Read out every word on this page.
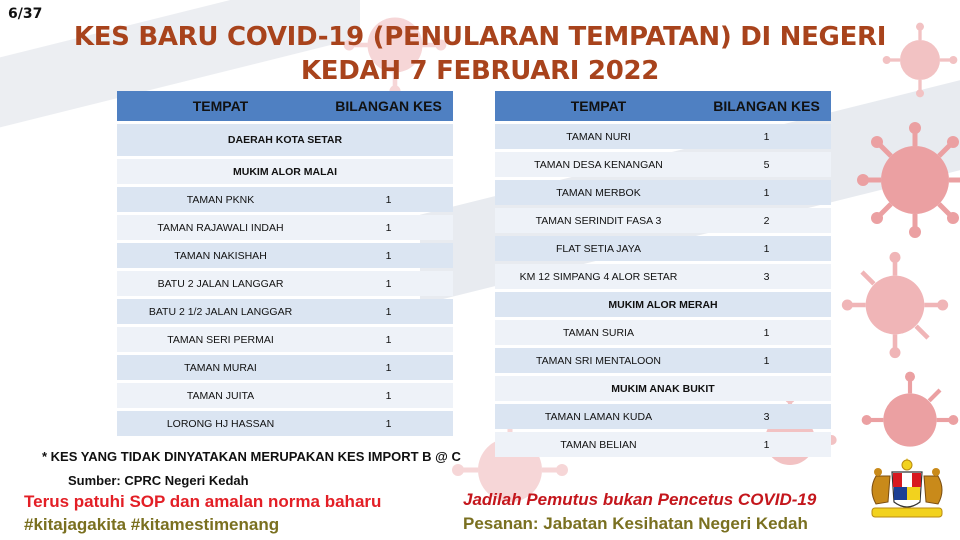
6/37
KES BARU COVID-19 (PENULARAN TEMPATAN) DI NEGERI
KEDAH 7 FEBRUARI 2022
TEMPAT	BILANGAN KES
DAERAH KOTA SETAR	
MUKIM ALOR MALAI	
TAMAN PKNK	1
TAMAN RAJAWALI INDAH	1
TAMAN NAKISHAH	1
BATU 2 JALAN LANGGAR	1
BATU 2 1/2 JALAN LANGGAR	1
TAMAN SERI PERMAI	1
TAMAN MURAI	1
TAMAN JUITA	1
LORONG HJ HASSAN	1
TEMPAT	BILANGAN KES
TAMAN NURI	1
TAMAN DESA KENANGAN	5
TAMAN MERBOK	1
TAMAN SERINDIT FASA 3	2
FLAT SETIA JAYA	1
KM 12 SIMPANG 4 ALOR SETAR	3
MUKIM ALOR MERAH	
TAMAN SURIA	1
TAMAN SRI MENTALOON	1
MUKIM ANAK BUKIT	
TAMAN LAMAN KUDA	3
TAMAN BELIAN	1
* KES YANG TIDAK DINYATAKAN MERUPAKAN KES IMPORT B @ C
Sumber: CPRC Negeri Kedah
Terus patuhi SOP dan amalan norma baharu
#kitajagakita #kitamestimenang
Jadilah Pemutus bukan Pencetus COVID-19
Pesanan: Jabatan Kesihatan Negeri Kedah
